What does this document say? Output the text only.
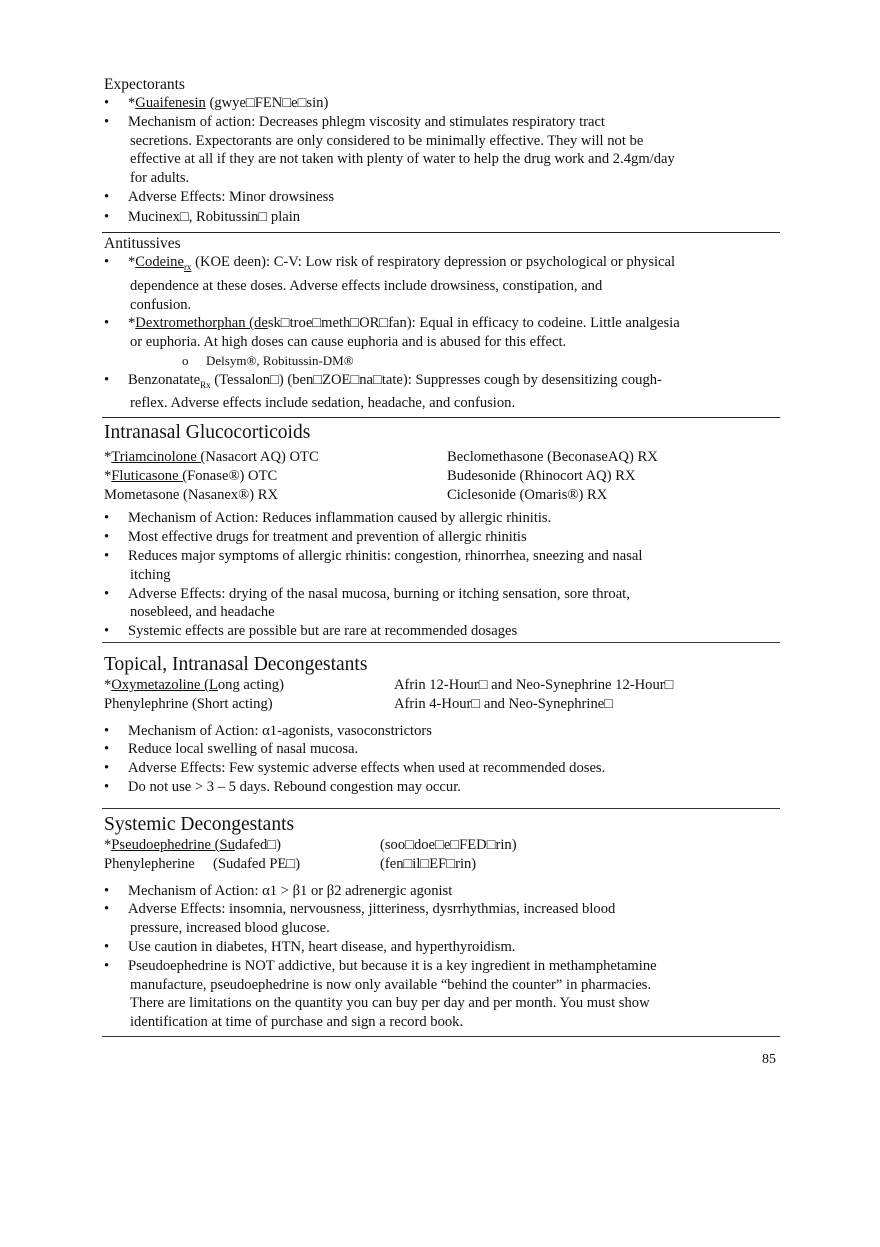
Expectorants
• *Guaifenesin (gwye□FEN□e□sin)
• Mechanism of action: Decreases phlegm viscosity and stimulates respiratory tract
secretions. Expectorants are only considered to be minimally effective. They will not be
effective at all if they are not taken with plenty of water to help the drug work and 2.4gm/day
for adults.
• Adverse Effects: Minor drowsiness
• Mucinex□, Robitussin□ plain
Antitussives
• *Codeine$_{rx}$ (KOE deen): C-V: Low risk of respiratory depression or psychological or physical
dependence at these doses. Adverse effects include drowsiness, constipation, and
confusion.
• *Dextromethorphan (desk□troe□meth□OR□fan): Equal in efficacy to codeine. Little analgesia
or euphoria. At high doses can cause euphoria and is abused for this effect.
o Delsym®, Robitussin-DM®
• Benzonatate$_{Rx}$ (Tessalon□) (ben□ZOE□na□tate): Suppresses cough by desensitizing cough-
reflex. Adverse effects include sedation, headache, and confusion.
Intranasal Glucocorticoids
*Triamcinolone (Nasacort AQ) OTC	Beclomethasone (BeconaseAQ) RX
*Fluticasone (Fonase®) OTC	Budesonide (Rhinocort AQ) RX
Mometasone (Nasanex®) RX	Ciclesonide (Omaris®) RX
• Mechanism of Action: Reduces inflammation caused by allergic rhinitis.
• Most effective drugs for treatment and prevention of allergic rhinitis
• Reduces major symptoms of allergic rhinitis: congestion, rhinorrhea, sneezing and nasal
itching
• Adverse Effects: drying of the nasal mucosa, burning or itching sensation, sore throat,
nosebleed, and headache
• Systemic effects are possible but are rare at recommended dosages
Topical, Intranasal Decongestants
*Oxymetazoline (Long acting)	Afrin 12-Hour□ and Neo-Synephrine 12-Hour□
Phenylephrine (Short acting)	Afrin 4-Hour□ and Neo-Synephrine□
• Mechanism of Action: α1-agonists, vasoconstrictors
• Reduce local swelling of nasal mucosa.
• Adverse Effects: Few systemic adverse effects when used at recommended doses.
• Do not use > 3 – 5 days. Rebound congestion may occur.
Systemic Decongestants
*Pseudoephedrine (Sudafed□)	(soo□doe□e□FED□rin)
Phenylepherine     (Sudafed PE□)	(fen□il□EF□rin)
• Mechanism of Action: α1 > β1 or β2 adrenergic agonist
• Adverse Effects: insomnia, nervousness, jitteriness, dysrrhythmias, increased blood
pressure, increased blood glucose.
• Use caution in diabetes, HTN, heart disease, and hyperthyroidism.
• Pseudoephedrine is NOT addictive, but because it is a key ingredient in methamphetamine
manufacture, pseudoephedrine is now only available “behind the counter” in pharmacies.
There are limitations on the quantity you can buy per day and per month. You must show
identification at time of purchase and sign a record book.
85
